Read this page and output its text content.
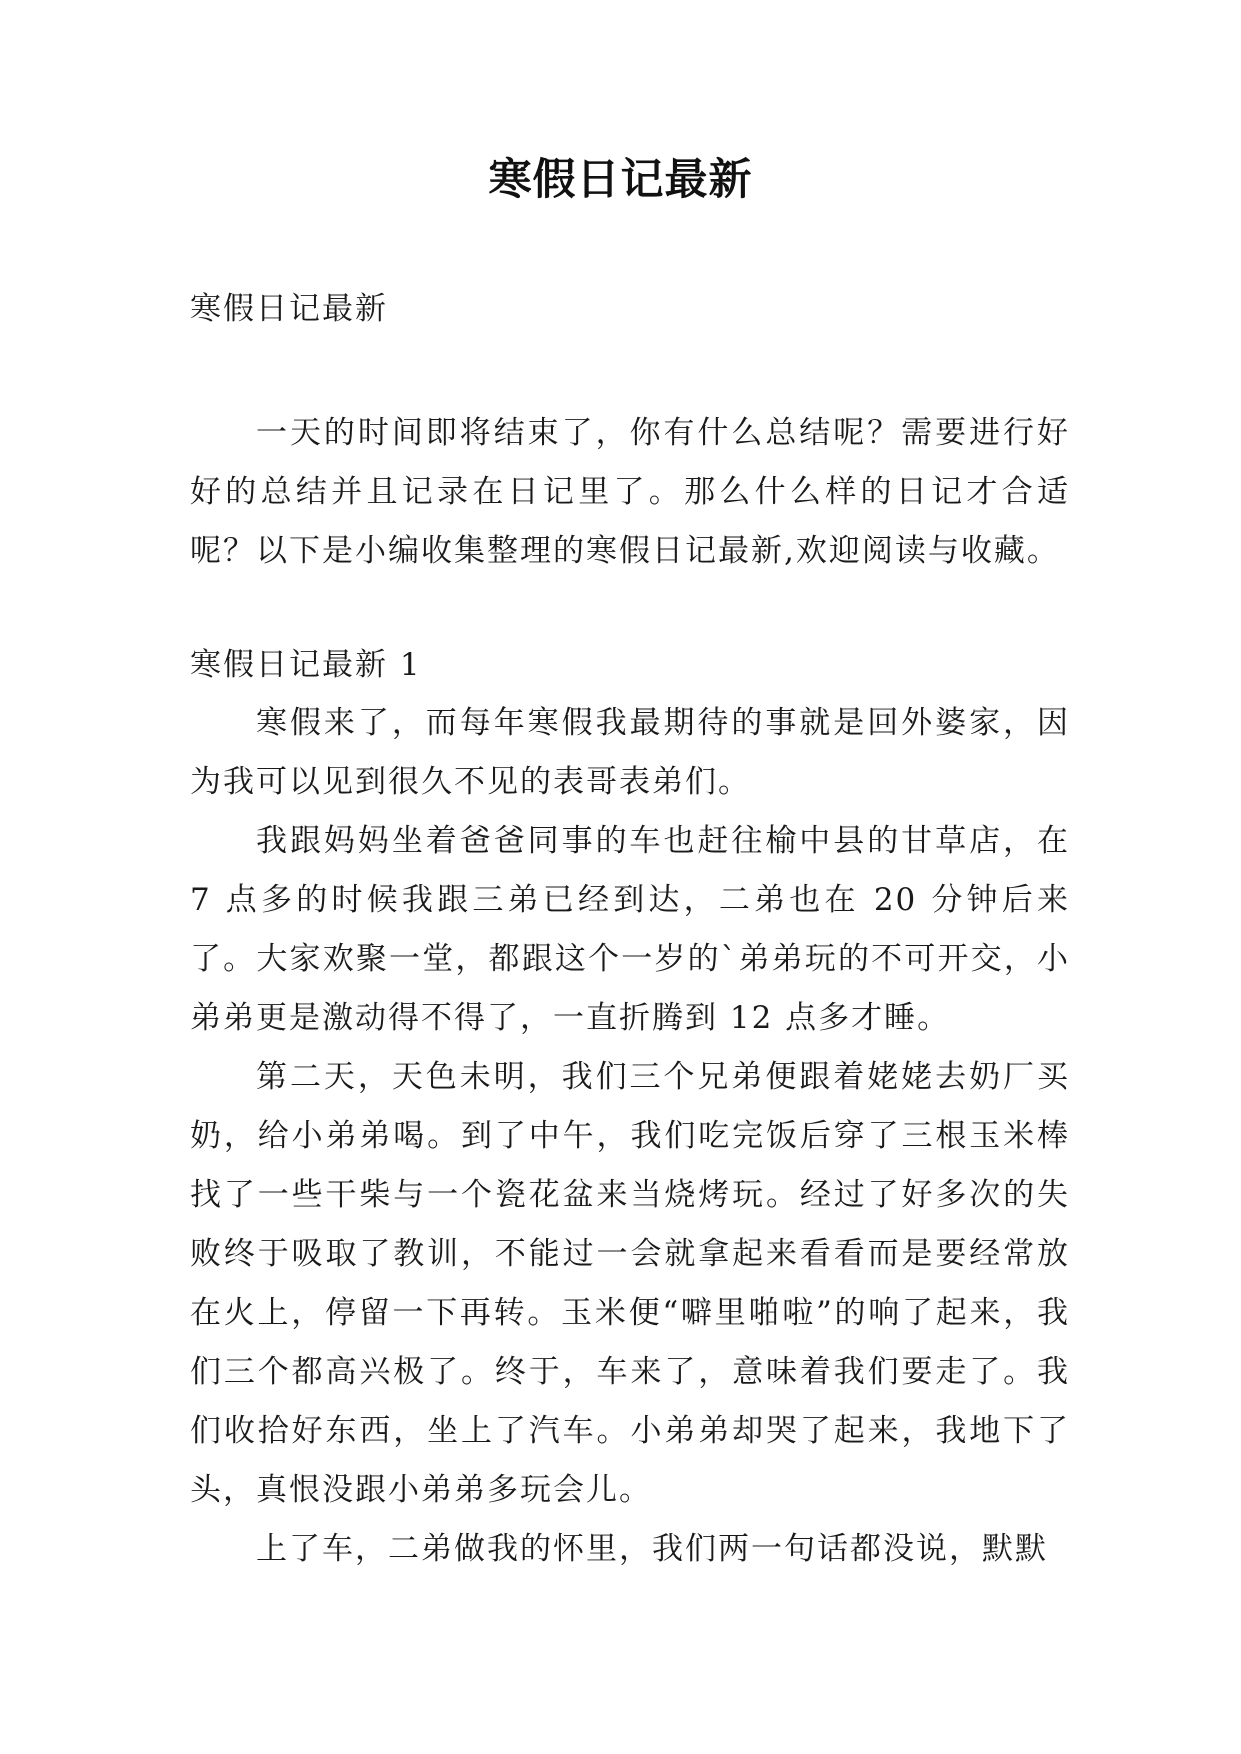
寒假日记最新
寒假日记最新

一天的时间即将结束了，你有什么总结呢？需要进行好好的总结并且记录在日记里了。那么什么样的日记才合适呢？以下是小编收集整理的寒假日记最新,欢迎阅读与收藏。

寒假日记最新 1

寒假来了，而每年寒假我最期待的事就是回外婆家，因为我可以见到很久不见的表哥表弟们。

我跟妈妈坐着爸爸同事的车也赶往榆中县的甘草店，在 7 点多的时候我跟三弟已经到达，二弟也在 20 分钟后来了。大家欢聚一堂，都跟这个一岁的`弟弟玩的不可开交，小弟弟更是激动得不得了，一直折腾到 12 点多才睡。

第二天，天色未明，我们三个兄弟便跟着姥姥去奶厂买奶，给小弟弟喝。到了中午，我们吃完饭后穿了三根玉米棒找了一些干柴与一个瓷花盆来当烧烤玩。经过了好多次的失败终于吸取了教训，不能过一会就拿起来看看而是要经常放在火上，停留一下再转。玉米便“噼里啪啦”的响了起来，我们三个都高兴极了。终于，车来了，意味着我们要走了。我们收拾好东西，坐上了汽车。小弟弟却哭了起来，我地下了头，真恨没跟小弟弟多玩会儿。

上了车，二弟做我的怀里，我们两一句话都没说，默默
